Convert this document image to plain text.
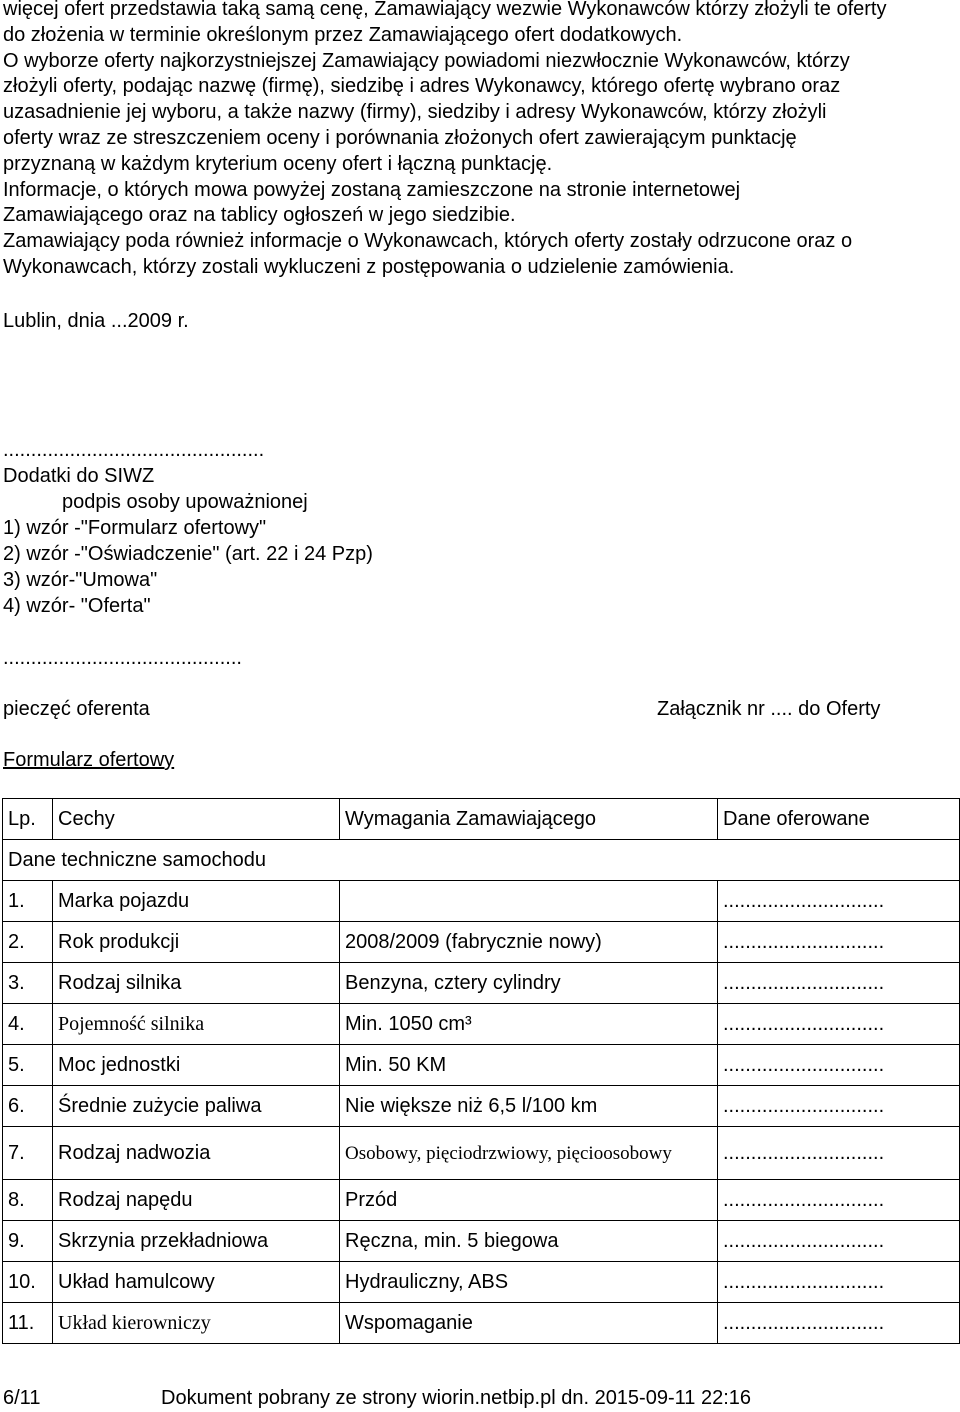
więcej ofert przedstawia taką samą cenę, Zamawiający wezwie Wykonawców którzy złożyli te oferty
do złożenia w terminie określonym przez Zamawiającego ofert dodatkowych.
O wyborze oferty najkorzystniejszej Zamawiający powiadomi niezwłocznie Wykonawców, którzy
złożyli oferty, podając nazwę (firmę), siedzibę i adres Wykonawcy, którego ofertę wybrano oraz
uzasadnienie jej wyboru, a także nazwy (firmy), siedziby i adresy Wykonawców, którzy złożyli
oferty wraz ze streszczeniem oceny i porównania złożonych ofert zawierającym punktację
przyznaną w każdym kryterium oceny ofert i łączną punktację.
Informacje, o których mowa powyżej zostaną zamieszczone na stronie internetowej
Zamawiającego oraz na tablicy ogłoszeń w jego siedzibie.
Zamawiający poda również informacje o Wykonawcach, których oferty zostały odrzucone oraz o
Wykonawcach, którzy zostali wykluczeni z postępowania o udzielenie zamówienia.
Lublin, dnia ...2009 r.
...............................................
Dodatki do SIWZ
podpis osoby upoważnionej
1) wzór -"Formularz ofertowy"
2) wzór -"Oświadczenie" (art. 22 i 24 Pzp)
3) wzór-"Umowa"
4) wzór- "Oferta"
...........................................
pieczęć oferenta	Załącznik nr .... do Oferty
Formularz ofertowy
Lp.	Cechy	Wymagania Zamawiającego	Dane oferowane
Dane techniczne samochodu			
1.	Marka pojazdu		.............................
2.	Rok produkcji	2008/2009 (fabrycznie nowy)	.............................
3.	Rodzaj silnika	Benzyna, cztery cylindry	.............................
4.	Pojemność silnika	Min. 1050 cm³	.............................
5.	Moc jednostki	Min. 50 KM	.............................
6.	Średnie zużycie paliwa	Nie większe niż 6,5 l/100 km	.............................
7.	Rodzaj nadwozia	Osobowy, pięciodrzwiowy, pięcioosobowy	.............................
8.	Rodzaj napędu	Przód	.............................
9.	Skrzynia przekładniowa	Ręczna, min. 5 biegowa	.............................
10.	Układ hamulcowy	Hydrauliczny, ABS	.............................
11.	Układ kierowniczy	Wspomaganie	.............................
6/11	Dokument pobrany ze strony wiorin.netbip.pl dn. 2015-09-11 22:16
